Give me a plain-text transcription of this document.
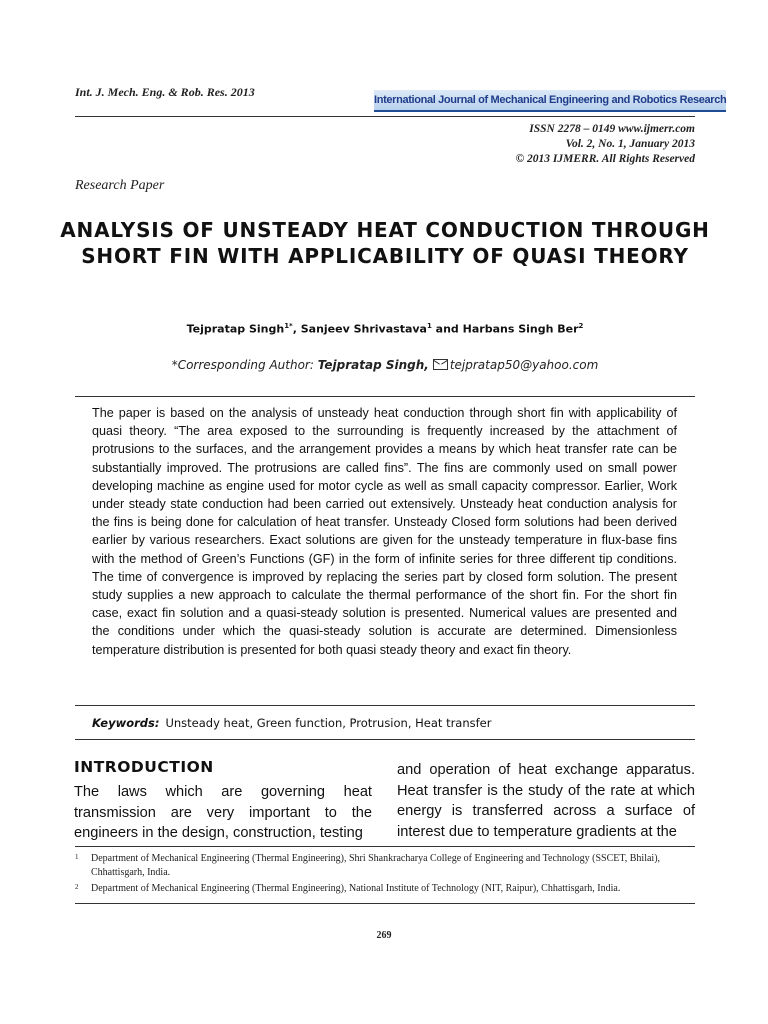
Int. J. Mech. Eng. & Rob. Res. 2013
International Journal of Mechanical Engineering and Robotics Research
ISSN 2278 – 0149 www.ijmerr.com
Vol. 2, No. 1, January 2013
© 2013 IJMERR. All Rights Reserved
Research Paper
ANALYSIS OF UNSTEADY HEAT CONDUCTION THROUGH SHORT FIN WITH APPLICABILITY OF QUASI THEORY
Tejpratap Singh$^{1*}$, Sanjeev Shrivastava$^1$ and Harbans Singh Ber$^2$
*Corresponding Author: Tejpratap Singh, tejpratap50@yahoo.com
The paper is based on the analysis of unsteady heat conduction through short fin with applicability of quasi theory. “The area exposed to the surrounding is frequently increased by the attachment of protrusions to the surfaces, and the arrangement provides a means by which heat transfer rate can be substantially improved. The protrusions are called fins”. The fins are commonly used on small power developing machine as engine used for motor cycle as well as small capacity compressor. Earlier, Work under steady state conduction had been carried out extensively. Unsteady heat conduction analysis for the fins is being done for calculation of heat transfer. Unsteady Closed form solutions had been derived earlier by various researchers. Exact solutions are given for the unsteady temperature in flux-base fins with the method of Green’s Functions (GF) in the form of infinite series for three different tip conditions. The time of convergence is improved by replacing the series part by closed form solution. The present study supplies a new approach to calculate the thermal performance of the short fin. For the short fin case, exact fin solution and a quasi-steady solution is presented. Numerical values are presented and the conditions under which the quasi-steady solution is accurate are determined. Dimensionless temperature distribution is presented for both quasi steady theory and exact fin theory.
Keywords: Unsteady heat, Green function, Protrusion, Heat transfer
INTRODUCTION
The laws which are governing heat transmission are very important to the engineers in the design, construction, testing
and operation of heat exchange apparatus. Heat transfer is the study of the rate at which energy is transferred across a surface of interest due to temperature gradients at the
1	Department of Mechanical Engineering (Thermal Engineering), Shri Shankracharya College of Engineering and Technology (SSCET, Bhilai), Chhattisgarh, India.
2	Department of Mechanical Engineering (Thermal Engineering), National Institute of Technology (NIT, Raipur), Chhattisgarh, India.
269
